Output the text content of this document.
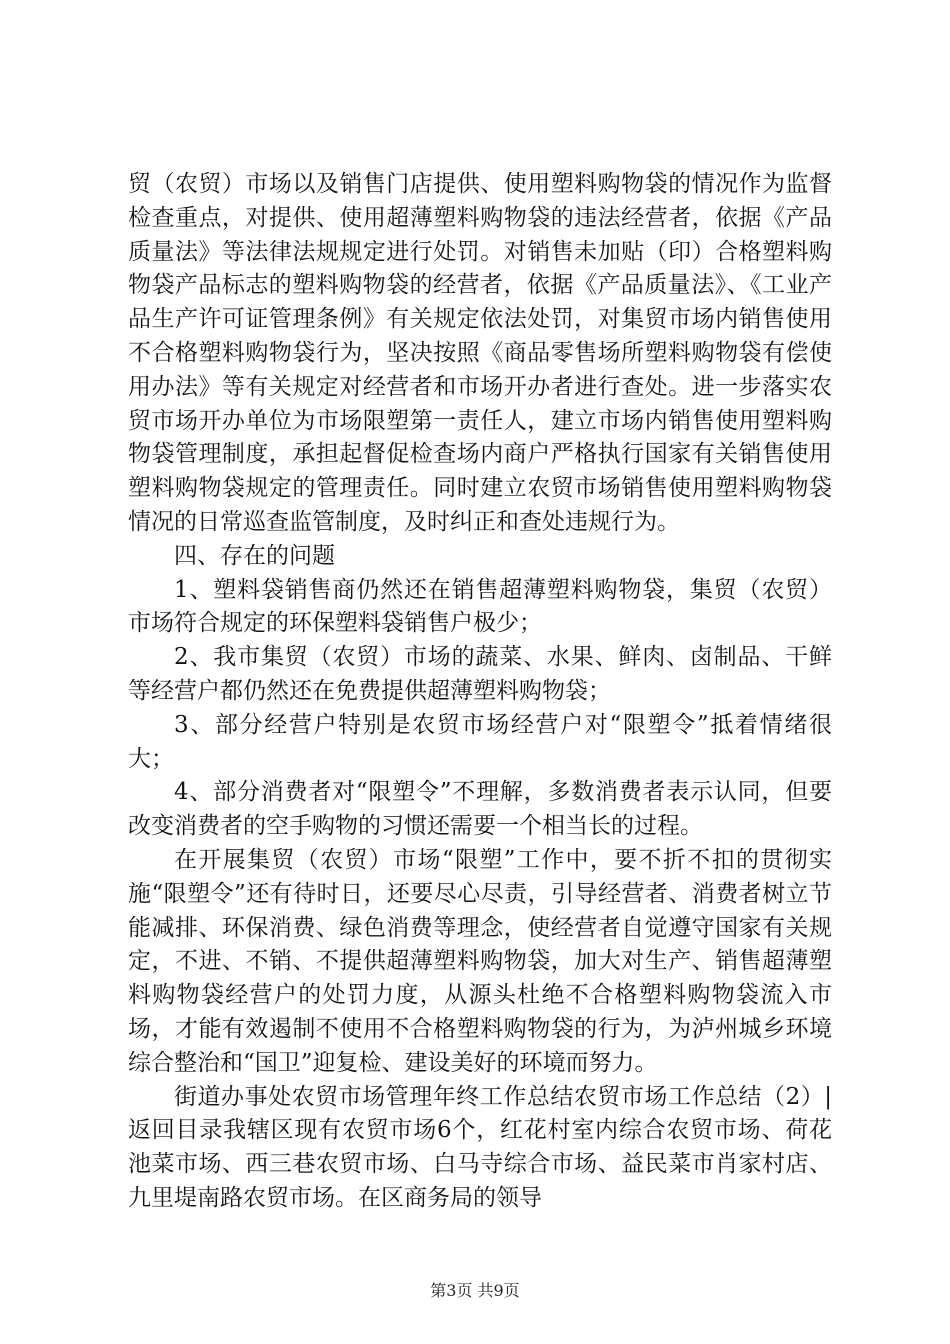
贸（农贸）市场以及销售门店提供、使用塑料购物袋的情况作为监督检查重点，对提供、使用超薄塑料购物袋的违法经营者，依据《产品质量法》等法律法规规定进行处罚。对销售未加贴（印）合格塑料购物袋产品标志的塑料购物袋的经营者，依据《产品质量法》、《工业产品生产许可证管理条例》有关规定依法处罚，对集贸市场内销售使用不合格塑料购物袋行为，坚决按照《商品零售场所塑料购物袋有偿使用办法》等有关规定对经营者和市场开办者进行查处。进一步落实农贸市场开办单位为市场限塑第一责任人，建立市场内销售使用塑料购物袋管理制度，承担起督促检查场内商户严格执行国家有关销售使用塑料购物袋规定的管理责任。同时建立农贸市场销售使用塑料购物袋情况的日常巡查监管制度，及时纠正和查处违规行为。

四、存在的问题

1、塑料袋销售商仍然还在销售超薄塑料购物袋，集贸（农贸）市场符合规定的环保塑料袋销售户极少；

2、我市集贸（农贸）市场的蔬菜、水果、鲜肉、卤制品、干鲜等经营户都仍然还在免费提供超薄塑料购物袋；

3、部分经营户特别是农贸市场经营户对“限塑令”抵着情绪很大；

4、部分消费者对“限塑令”不理解，多数消费者表示认同，但要改变消费者的空手购物的习惯还需要一个相当长的过程。

在开展集贸（农贸）市场“限塑”工作中，要不折不扣的贯彻实施“限塑令”还有待时日，还要尽心尽责，引导经营者、消费者树立节能减排、环保消费、绿色消费等理念，使经营者自觉遵守国家有关规定，不进、不销、不提供超薄塑料购物袋，加大对生产、销售超薄塑料购物袋经营户的处罚力度，从源头杜绝不合格塑料购物袋流入市场，才能有效遏制不使用不合格塑料购物袋的行为，为泸州城乡环境综合整治和“国卫”迎复检、建设美好的环境而努力。

街道办事处农贸市场管理年终工作总结农贸市场工作总结（2）|返回目录我辖区现有农贸市场6个，红花村室内综合农贸市场、荷花池菜市场、西三巷农贸市场、白马寺综合市场、益民菜市肖家村店、九里堤南路农贸市场。在区商务局的领导

第3页 共9页
